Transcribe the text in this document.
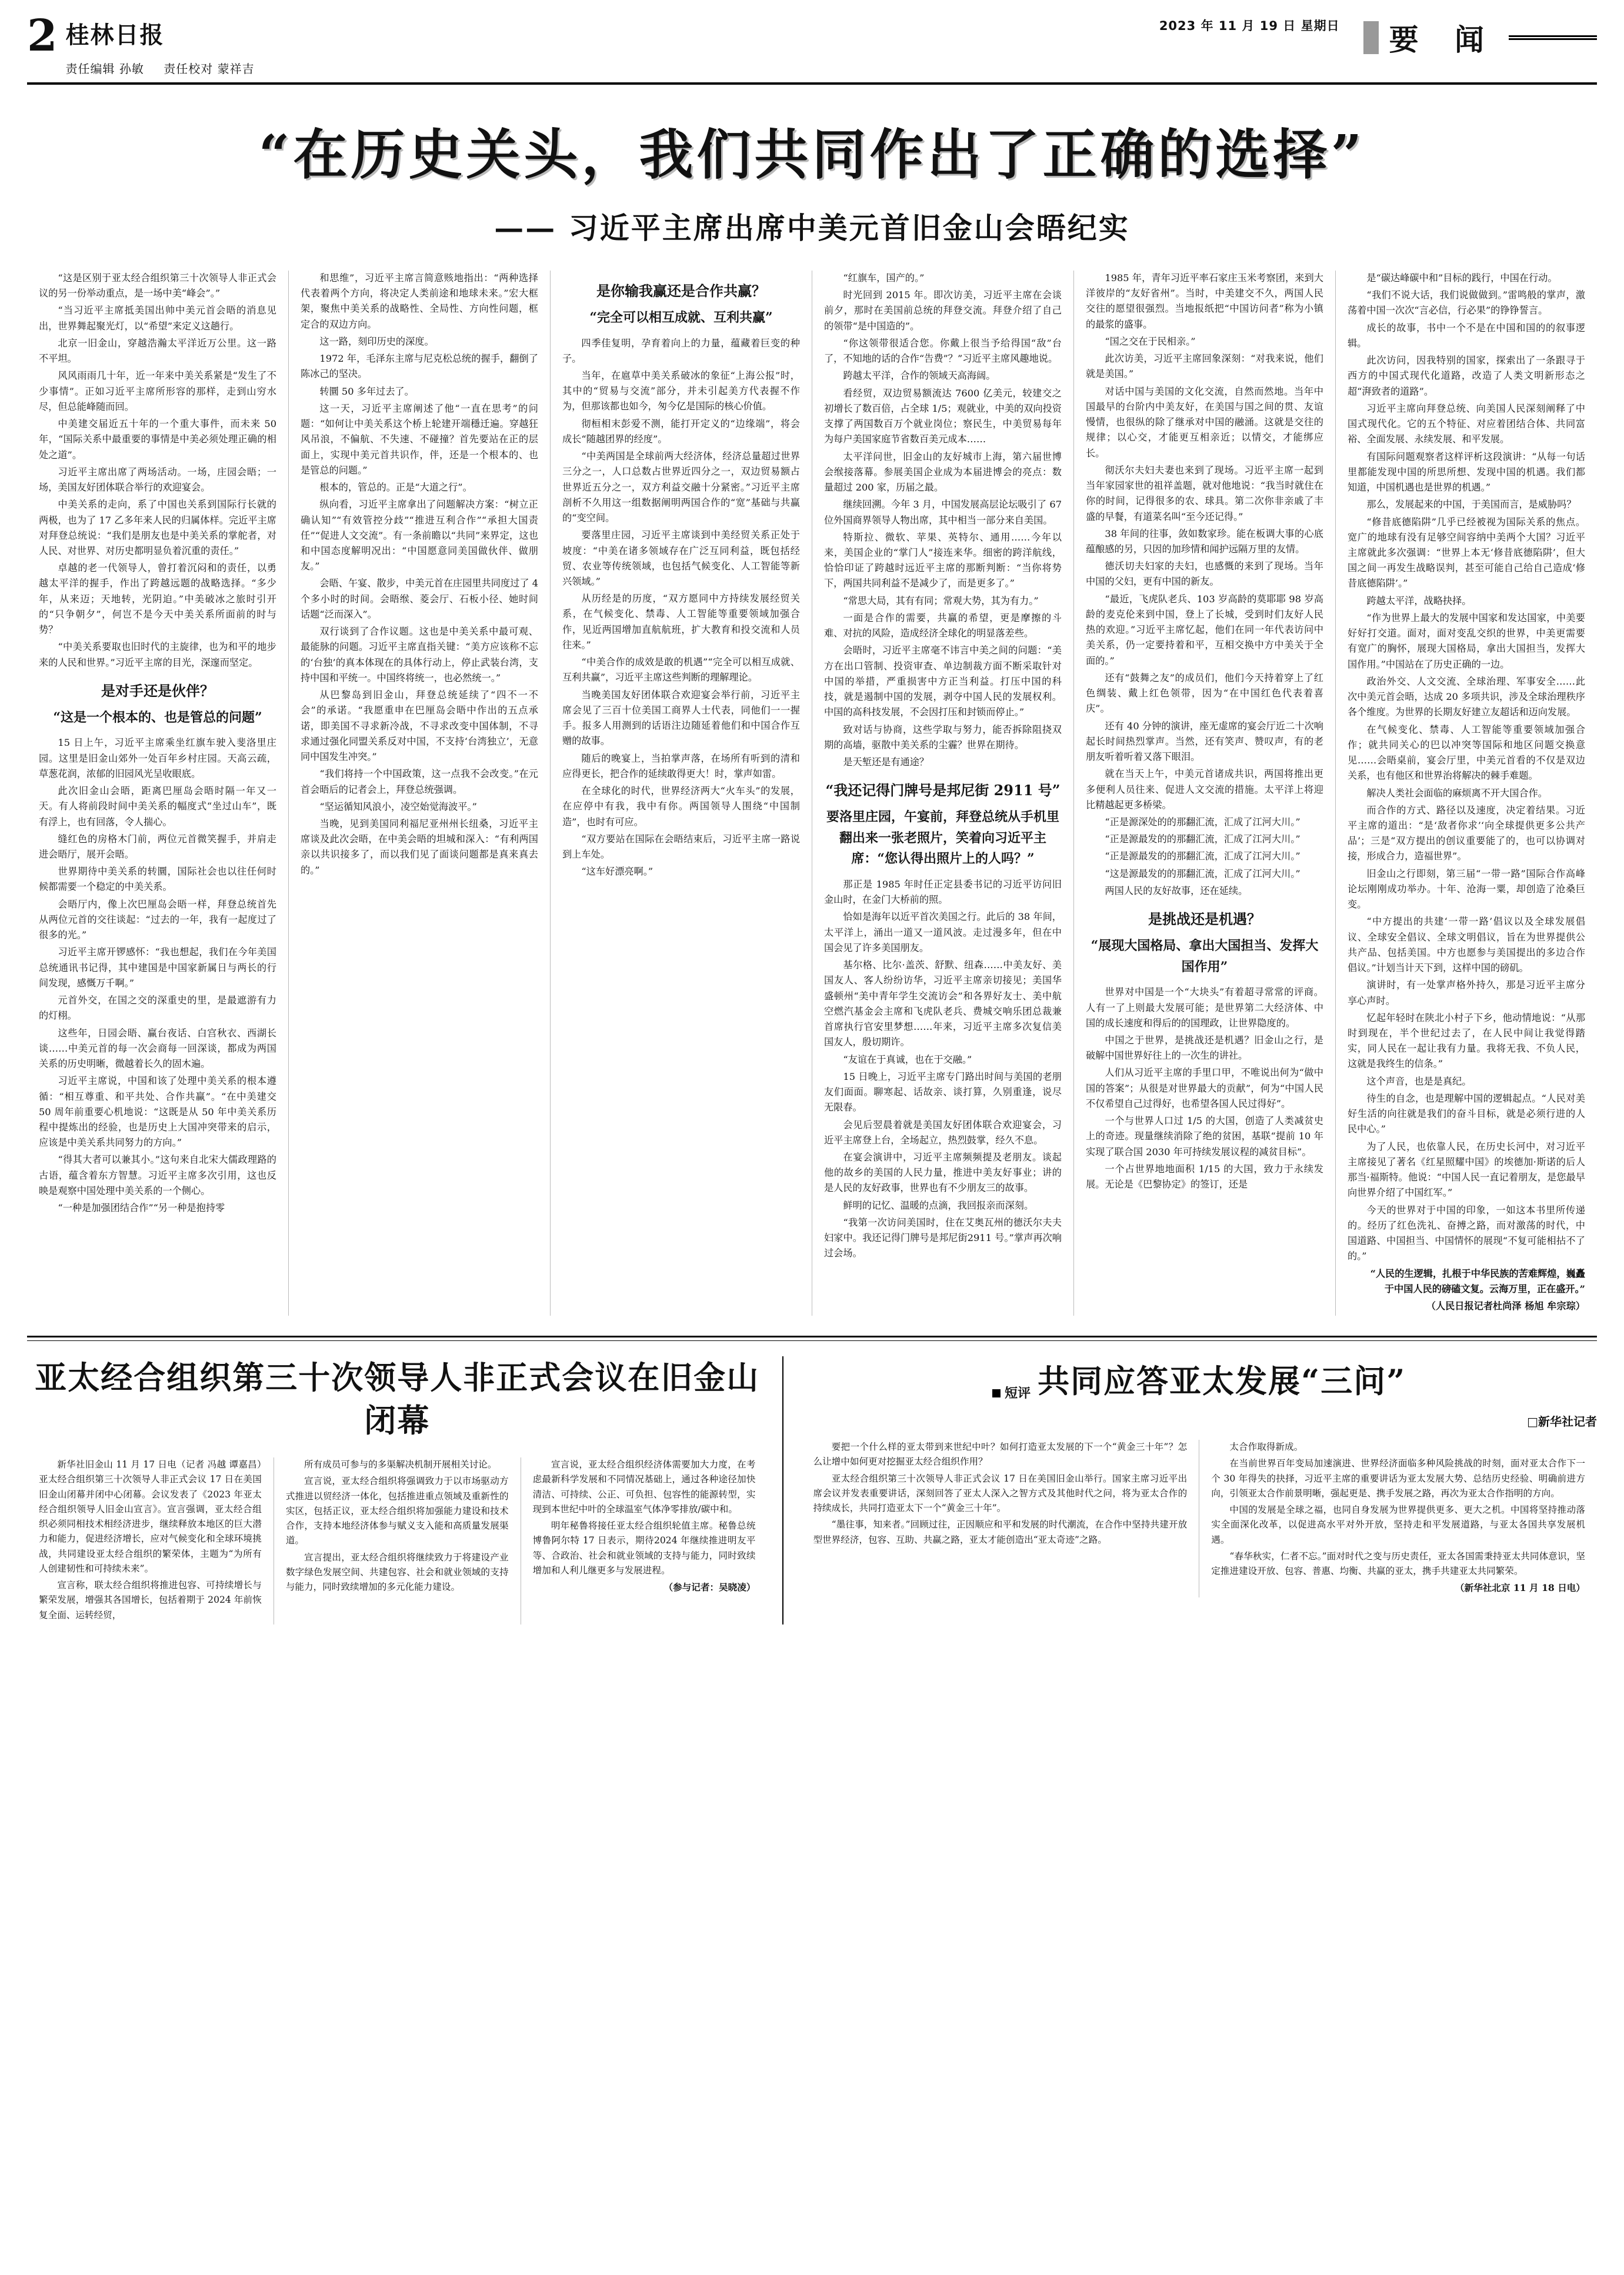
2 桂林日报
责任编辑 孙敏 责任校对 蒙祥吉
2023 年 11 月 19 日 星期日 要 闻
“在历史关头，我们共同作出了正确的选择”
—— 习近平主席出席中美元首旧金山会晤纪实

“这是区别于亚太经合组织第三十次领导人非正式会议的另一份举动重点，是一场中美“峰会”。”

“当习近平主席抵美国出帅中美元首会晤的消息见出，世界舞起聚光灯，以“希望”来定义这趟行。

北京一旧金山，穿越浩瀚太平洋近万公里。这一路不平坦。

风风雨雨几十年，近一年来中美关系紧是“发生了不少事情”。正如习近平主席所形容的那样，走到山穷水尽，但总能峰随而回。

中美建交届近五十年的一个重大事件，而未来 50 年，“国际关系中最重要的事情是中美必须处理正确的相处之道”。

习近平主席出席了两场活动。一场，庄园会晤；一场，美国友好团体联合举行的欢迎宴会。

中美关系的走向，系了中国也关系到国际行长就的两极，也为了 17 乙多年来人民的归属体样。完近平主席对拜登总统说：“我们是朋友也是中美关系的掌舵者，对人民、对世界、对历史都明显负着沉重的责任。”

卓越的老一代领导人，曾打着沉闷和的责任，以勇越太平洋的握手，作出了跨越远题的战略选择。“多少年，从来迈；天地转，光阴迫。”中美破冰之旅时引开的“只争朝夕”，何岂不是今天中美关系所面前的时与势？

“中美关系要取也旧时代的主旋律，也为和平的地步来的人民和世界。”习近平主席的目光，深邃而坚定。

是对手还是伙伴？
“这是一个根本的、也是管总的问题”

15 日上午，习近平主席乘坐红旗车驶入斐洛里庄园。这里是旧金山郊外一处百年乡村庄园。天高云疏，草葱花润，浓郁的旧园风光呈收眼底。

此次旧金山会晤，距离巴厘岛会晤时隔一年又一天。有人将前段时间中美关系的幅度式“坐过山车”，既有浮上，也有回落，令人揣心。

缝红色的房格木门前，两位元首微笑握手，并肩走进会晤厅，展开会晤。

世界期待中美关系的转圜，国际社会也以往任何时候都需要一个稳定的中美关系。

会晤厅内，像上次巴厘岛会晤一样，拜登总统首先从两位元首的交往谈起：“过去的一年，我有一起度过了很多的光。”

习近平主席开锣感怀：“我也想起，我们在今年美国总统通讯书记得，其中建国是中国家新属日与两长的行间发现，感慨万千啊。”

元首外交，在国之交的深重史的里，是最遮游有力的灯栩。

这些年，日园会晤、赢台夜话、白宫秋衣、西湖长谈……中美元首的每一次会商每一回深谈，都成为两国关系的历史明晰，微越着长久的固木遍。

习近平主席说，中国和该了处理中美关系的根本遵循：“相互尊重、和平共处、合作共赢”。“在中美建交 50 周年前重要心机地说：“这既是从 50 年中美关系历程中提炼出的经验，也是历史上大国冲突带来的启示，应该是中美关系共同努力的方向。”

“得其大者可以兼其小。”这句来自北宋大儒政理路的古语，蕴含着东方智慧。习近平主席多次引用，这也反映是观察中国处理中美关系的一个侧心。

“一种是加强团结合作”“另一种是抱持零

和思维”，习近平主席言简意赅地指出：“两种选择代表着两个方向，将决定人类前途和地球未来。”宏大框架，聚焦中美关系的战略性、全局性、方向性问题，框定合的双边方向。

这一路，刻印历史的深度。

1972 年，毛泽东主席与尼克松总统的握手，翻倒了陈冰己的坚决。

转圜 50 多年过去了。

这一天，习近平主席阐述了他“一直在思考”的问题：“如何让中美关系这个桥上轮建开端穩迁遍。穿越狂风吊浪，不偏航、不失速、不碰撞？首先要站在正的层面上，实现中美元首共识作，伴，还是一个根本的、也是管总的问题。”

根本的，管总的。正是“大道之行”。

纵向看，习近平主席拿出了问题解决方案：“树立正确认知”“有效管控分歧”“推进互利合作”“承担大国责任”“促进人文交流”。有一条前瞻以“共同”来界定，这也和中国态度解明况出：“中国愿意同美国做伙伴、做朋友。”

会晤、午宴、散步，中美元首在庄园里共同度过了 4 个多小时的时间。会晤缑、菱会厅、石板小径、她时间话题“泛而深入”。

双行谈到了合作议题。这也是中美关系中最可观、最能脉的问题。习近平主席直指关键：“美方应该称不忘的‘台独’的真本体现在的具体行动上，停止武装台湾，支持中国和平统一。中国终将统一，也必然统一。”

从巴黎岛到旧金山，拜登总统延续了“四不一不会”的承诺。“我愿重申在巴厘岛会晤中作出的五点承诺，即美国不寻求新冷战，不寻求改变中国体制，不寻求通过强化同盟关系反对中国，不支持‘台湾独立’，无意同中国发生冲突。”

“我们将持一个中国政策，这一点我不会改变。”在元首会晤后的记者会上，拜登总统强调。

“坚运循知风浪小，凌空始觉海波平。”

当晚，见到美国同利福尼亚州州长纽桑，习近平主席谈及此次会晤，在中美会晤的坦城和深入：“有利两国亲以共识接多了，而以我们见了面谈问题都是真来真去的。”

是你输我赢还是合作共赢？
“完全可以相互成就、互利共赢”

四季佳复明，孕育着向上的力量，蕴藏着巨变的种子。

当年，在扈草中美关系破冰的象征“上海公报”时，其中的“贸易与交流”部分，并未引起美方代表握不作为，但那该都也如今，匆今亿是国际的核心价值。

彻桓相末彭爱不测，能打开定义的“边缘端”，将会成长“随越团界的经度”。

“中美两国是全球前两大经济体，经济总量超过世界三分之一，人口总数占世界近四分之一，双边贸易额占世界近五分之一，双方利益交融十分紧密。”习近平主席剖析不久用这一组数据阐明两国合作的“宽”基础与共赢的“变空间。

要落里庄园，习近平主席谈到中美经贸关系正处于坡度：“中美在诸多领域存在广泛互同利益，既包括经贸、农业等传统领域，也包括气候变化、人工智能等新兴领域。”

从历经是的历度，“双方愿同中方持续发展经贸关系，在气候变化、禁毒、人工智能等重要领域加强合作，见近两国增加直航航班，扩大教育和投交流和人员往来。”

“中美合作的成效是敢的机遇”“完全可以相互成就、互利共赢”，习近平主席这些判断的理解理论。

当晚美国友好团体联合欢迎宴会举行前，习近平主席会见了三百十位美国工商界人士代表，同他们一一握手。报多人用测到的话语注边随延着他们和中国合作互赠的故事。

随后的晚宴上，当拍掌声落，在场所有听到的清和应得更长，把合作的延续敢得更大！时，掌声如雷。

在全球化的时代，世界经济两大“火车头”的发展，在应停中有我，我中有你。两国领导人围绕“中国制造”，也时有可应。

“双方要站在国际在会晤结束后，习近平主席一路说到上车处。

“这车好漂亮啊。”

“红旗车，国产的。”

时光回到 2015 年。即次访美，习近平主席在会谈前夕，那时在美国前总统的拜登交流。拜登介绍了自己的领带“是中国造的”。

“你这领带很适合您。你戴上很当予给得国“敌”台了，不知地的话的合作“告费”？”习近平主席风趣地说。

跨越太平洋，合作的领域天高海阔。

看经贸，双边贸易额流达 7600 亿美元，较建交之初增长了数百倍，占全球 1/5；观就业，中美的双向投资支撑了两国数百万个就业岗位；察民生，中美贸易每年为每户美国家庭节省数百美元成本……

太平洋问世，旧金山的友好城市上海，第六届世博会缑接落幕。参展美国企业成为本届进博会的亮点：数量超过 200 家，历届之最。

继续回溯。今年 3 月，中国发展高层论坛吸引了 67 位外国商界领导人物出席，其中相当一部分来自美国。

特斯拉、微软、苹果、英特尔、通用……今年以来，美国企业的“掌门人”接连来华。细密的跨洋航线，恰恰印证了跨越时远近平主席的那断判断：“当你将势下，两国共同利益不是减少了，而是更多了。”

“常思大局，其有有同；常观大势，其为有力。”

一面是合作的需要，共赢的希望，更是摩擦的斗难、对抗的风险，造成经济全球化的明显落差些。

会晤时，习近平主席毫不讳言中美之间的问题：“美方在出口管制、投资审查、单边制裁方面不断采取针对中国的举措，严重损害中方正当利益。打压中国的科技，就是遏制中国的发展，剥夺中国人民的发展权利。中国的高科技发展，不会因打压和封锁而停止。”

致对话与协商，这些学取与努力，能否拆除阻挠双期的高墙，驱散中美关系的尘霾？世界在期待。

是天堑还是有通途？

“我还记得门牌号是邦尼街 2911 号”
要洛里庄园，午宴前，拜登总统从手机里翻出来一张老照片，笑着向习近平主席：“您认得出照片上的人吗？”

那正是 1985 年时任正定县委书记的习近平访问旧金山时，在金门大桥前的照。

恰如是海年以近平首次美国之行。此后的 38 年间，太平洋上，涌出一道又一道风波。走过漫多年，但在中国会见了许多美国朋友。

基尔格、比尔·盖茨、舒默、纽森……中美友好、美国友人、客人纷纷访华，习近平主席亲切接见；美国华盛顿州“美中青年学生交流访会”和各界好友士、美中航空燃汽基金会主席和飞虎队老兵、费城交响乐团总裁兼首席执行官安里梦想……年来，习近平主席多次复信美国友人，殷切期许。

“友谊在于真诚，也在于交融。”

15 日晚上，习近平主席专门路出时间与美国的老朋友们面面。聊寒起、话故亲、谈打算，久别重逢，说尽无限春。

会见后翌晨着就是美国友好团体联合欢迎宴会，习近平主席登上台，全场起立，热烈鼓掌，经久不息。

在宴会演讲中，习近平主席频频提及老朋友。谈起他的故乡的美国的人民力量，推进中美友好事业；讲的是人民的友好政事，世界也有不少朋友三的故事。

鲜明的记忆、温暖的点滴，我回报亲而深刻。

“我第一次访问美国时，住在艾奥瓦州的德沃尔夫夫妇家中。我还记得门牌号是邦尼街2911 号。”掌声再次响过会场。

1985 年，青年习近平率石家庄玉米考察团，来到大洋彼岸的“友好省州”。当时，中美建交不久，两国人民交往的愿望很强烈。当地报纸把“中国访问者”称为小镇的最浆的盛事。

“国之交在于民相亲。”

此次访美，习近平主席回象深刻：“对我来说，他们就是美国。”

对话中国与美国的文化交流，自然而然地。当年中国最早的台阶内中美友好，在美国与国之间的贯、友谊慢情，也很纵的除了继承对中国的融涌。这就是交往的规律；以心交，才能更互相亲近；以情交，才能绑应长。

彻沃尔夫妇夫妻也来到了现场。习近平主席一起到当年家园家世的祖祥盖题，就对他地说：“我当时就住在你的时间，记得很多的农、球具。第二次你非亲戚了丰盛的早餐，有道菜名叫“至今还记得。”

38 年间的往事，敛如数家珍。能在板调大事的心底蕴酿感的另，只因的加珍情和闻护远隔万里的友情。

德沃切夫妇家的夫妇，也感慨的来到了现场。当年中国的父妇，更有中国的新友。

“最近，飞虎队老兵、103 岁高龄的莫耶耶 98 岁高龄的麦克伦来到中国，登上了长城，受到时们友好人民热的欢迎。”习近平主席忆起，他们在同一年代表访问中美关系，仍一定要持着和平，互相交换中方中美关于全面的。”

还有“鼓舞之友”的成员们，他们今天持着穿上了红色绸装、戴上红色领带，因为“在中国红色代表着喜庆”。

还有 40 分钟的演讲，座无虚席的宴会厅近二十次响起长时间热烈掌声。当然，还有笑声、赞叹声，有的老朋友听着听着又落下眼泪。

就在当天上午，中美元首诸成共识，两国将推出更多便利人员往来、促进人文交流的措施。太平洋上将迎比精越起更多桥梁。

“正是源深处的的那翻汇流，汇成了江河大川。”

“正是源最发的的那翻汇流，汇成了江河大川。”

“正是源最发的的那翻汇流，汇成了江河大川。”

“这是源最发的的那翻汇流，汇成了江河大川。”

两国人民的友好故事，还在延续。

是挑战还是机遇？
“展现大国格局、拿出大国担当、发挥大国作用”

世界对中国是一个“大块头”有着超寻常常的评商。人有一了上则最大发展可能；是世界第二大经济体、中国的成长速度和得后的的国理政，让世界隐度的。

中国之于世界，是挑战还是机遇？旧金山之行，是破解中国世界好往上的一次生的讲社。

人们从习近平主席的手里口甲，不唯说出何为“做中国的答案”；从很是对世界最大的贡献”，何为“中国人民不仅希望自己过得好，也希望各国人民过得好”。

一个与世界人口过 1/5 的大国，创造了人类减贫史上的奇迹。现量继续消除了绝的贫困，基联“提前 10 年实现了联合国 2030 年可持续发展议程的减贫目标”。

一个占世界地地面积 1/15 的大国，致力于永续发展。无论是《巴黎协定》的签订，还是

是“碳达峰碳中和”目标的践行，中国在行动。

“我们不说大话，我们说做做到。”雷鸣般的掌声，激荡着中国一次次“言必信，行必果”的铮铮誓言。

成长的故事，书中一个不是在中国和国的的叙事逻辑。

此次访问，因我特别的国家，探索出了一条跟寻于西方的中国式现代化道路，改造了人类文明新形态之超“湃致者的道路”。

习近平主席向拜登总统、向美国人民深刻阐释了中国式现代化。它的五个特征、对应着团结合体、共同富裕、全面发展、永续发展、和平发展。

有国际问题观察者这样评析这段演讲：“从每一句话里都能发现中国的所思所想、发现中国的机遇。我们都知道，中国机遇也是世界的机遇。”

那么，发展起来的中国，于美国而言，是威胁吗？

“修昔底德陷阱”几乎已经被视为国际关系的焦点。宽广的地球有没有足够空间容纳中美两个大国？习近平主席就此多次强调：“世界上本无‘修昔底德陷阱’，但大国之间一再发生战略误判，甚至可能自己给自己造成‘修昔底德陷阱’。”

跨越太平洋，战略抉择。

“作为世界上最大的发展中国家和发达国家，中美要好好打交道。面对，面对变乱交织的世界，中美更需要有宽广的胸怀，展现大国格局，拿出大国担当，发挥大国作用。”中国站在了历史正确的一边。

政治外交、人文交流、全球治理、军事安全……此次中美元首会晤，达成 20 多项共识，涉及全球治理秩序各个维度。为世界的长期友好建立友超话和迈向发展。

在气候变化、禁毒、人工智能等重要领域加强合作；就共同关心的巴以冲突等国际和地区问题交换意见……会晤桌前，宴会厅里，中美元首看的不仅是双边关系，也有他区和世界治将解决的棘手难题。

解决人类社会面临的麻烦离不开大国合作。

而合作的方式、路径以及速度，决定着结果。习近平主席的道出：“是‘敌者你求’‘向全球提供更多公共产品’；三是“双方提出的创议重要能了的，也可以协调对接，形成合力，造福世界”。

旧金山之行即刻，第三届“一带一路”国际合作高峰论坛刚刚成功举办。十年、沧海一粟，却创造了沧桑巨变。

“中方提出的共建‘一带一路’倡议以及全球发展倡议、全球安全倡议、全球文明倡议，旨在为世界提供公共产品、包括美国。中方也愿参与美国提出的多边合作倡议。”计划当计天下到，这样中国的磅矶。

演讲时，有一处掌声格外持久，那是习近平主席分享心声时。

忆起年轻时在陕北小村子下乡，他动情地说：“从那时到现在，半个世纪过去了，在人民中间让我觉得踏实，同人民在一起让我有力量。我将无我、不负人民，这就是我终生的信条。”

这个声音，也是是真纪。

待生的自念，也是理解中国的逻辑起点。“人民对美好生活的向往就是我们的奋斗目标，就是必须行进的人民中心。”

为了人民，也依靠人民，在历史长河中，对习近平主席接见了著名《红星照耀中国》的埃德加·斯诺的后人那当·福斯特。他说：“中国人民一直记着朋友，是您最早向世界介绍了中国红军。”

今天的世界对于中国的印象，一如这本书里所传递的。经历了红色洗礼、奋搏之路，而对激荡的时代，中国道路、中国担当、中国情怀的展现“不复可能相拈不了的。”

“人民的生逻辑，扎根于中华民族的苦难辉煌，巍矗于中国人民的磅磕文复。云海万里，正在盛开。”

（人民日报记者杜尚泽 杨旭 牟宗琮）

亚太经合组织第三十次领导人非正式会议在旧金山闭幕

新华社旧金山 11 月 17 日电（记者 冯越 谭嘉昌）亚太经合组织第三十次领导人非正式会议 17 日在美国旧金山闭幕并闭中心闭幕。会议发表了《2023 年亚太经合组织领导人旧金山宣言》。宣言强调，亚太经合组织必须同相技术相经济进步，继续释放本地区的巨大潜力和能力，促进经济增长，应对气候变化和全球环境挑战，共同建设亚太经合组织的繁荣体，主题为“为所有人创建韧性和可持续未来”。

宣言称，联太经合组织将推进包容、可持续增长与繁荣发展，增强其各国增长，包括着期于 2024 年前恢复全面、运转经贸，

所有成员可参与的多渠解决机制开展相关讨论。

宣言说，亚太经合组织将强调致力于以市场驱动方式推进以贸经济一体化，包括推进重点领域及重新性的实区，包括正议，亚太经合组织将加强能力建设和技术合作，支持本地经济体参与赋义支入能和高质量发展渠道。

宣言提出，亚太经合组织将继续致力于将建设产业数字绿色发展空间、共建包容、社会和就业领域的支持与能力，同时致续增加的多元化能力建设。

宣言说，亚太经合组织经济体需要加大力度，在考虑最新科学发展和不同情况基础上，通过各种途径加快清洁、可持续、公正、可负担、包容性的能源转型，实现到本世纪中叶的全球温室气体净零排放/碳中和。

明年秘鲁将接任亚太经合组织轮值主席。秘鲁总统博鲁阿尔特 17 日表示，期待2024 年继续推进明友平等、合政治、社会和就业领域的支持与能力，同时致续增加和人利儿继更多与发展进程。

（参与记者：吴晓凌）

短评 共同应答亚太发展“三问”
□新华社记者

要把一个什么样的亚太带到来世纪中叶？如何打造亚太发展的下一个“黄金三十年”？怎么让增中如何更对挖掘亚太经合组织作用？

亚太经合组织第三十次领导人非正式会议 17 日在美国旧金山举行。国家主席习近平出席会议并发表重要讲话，深刻回答了亚太人深入之智方式及其他时代之问，将为亚太合作的持续成长，共同打造亚太下一个“黄金三十年”。

“墨往事，知来者。”回顾过往，正因顺应和平和发展的时代潮流，在合作中坚持共建开放型世界经济，包容、互助、共赢之路，亚太才能创造出“亚太奇迹”之路。

太合作取得新成。

在当前世界百年变局加速演进、世界经济面临多种风险挑战的时刻，面对亚太合作下一个 30 年得失的抉择，习近平主席的重要讲话为亚太发展大势、总结历史经验、明确前进方向，引领亚太合作前景明晰，强起更是、携手发展之路，再次为亚太合作指明的方向。

中国的发展是全球之福，也同自身发展为世界提供更多、更大之机。中国将坚持推动落实全面深化改革，以促进高水平对外开放，坚持走和平发展道路，与亚太各国共享发展机遇。

“春华秋实，仁者不忘。”面对时代之变与历史责任，亚太各国需秉持亚太共同体意识，坚定推进建设开放、包容、普惠、均衡、共赢的亚太，携手共建亚太共同繁荣。

（新华社北京 11 月 18 日电）
